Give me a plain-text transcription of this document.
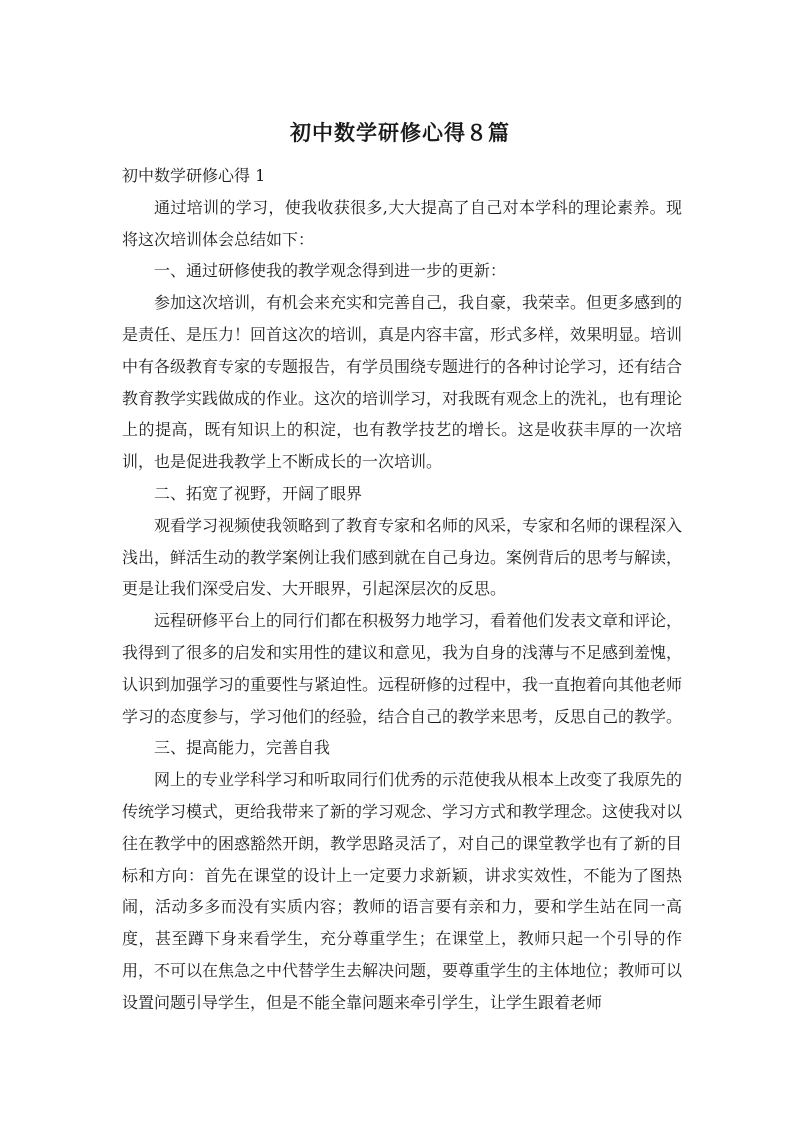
初中数学研修心得８篇

初中数学研修心得 1

通过培训的学习，使我收获很多,大大提高了自己对本学科的理论素养。现将这次培训体会总结如下：

一、通过研修使我的教学观念得到进一步的更新：

参加这次培训，有机会来充实和完善自己，我自豪，我荣幸。但更多感到的是责任、是压力！回首这次的培训，真是内容丰富，形式多样，效果明显。培训中有各级教育专家的专题报告，有学员围绕专题进行的各种讨论学习，还有结合教育教学实践做成的作业。这次的培训学习，对我既有观念上的洗礼，也有理论上的提高，既有知识上的积淀，也有教学技艺的增长。这是收获丰厚的一次培训，也是促进我教学上不断成长的一次培训。

二、拓宽了视野，开阔了眼界

观看学习视频使我领略到了教育专家和名师的风采，专家和名师的课程深入浅出，鲜活生动的教学案例让我们感到就在自己身边。案例背后的思考与解读，更是让我们深受启发、大开眼界，引起深层次的反思。

远程研修平台上的同行们都在积极努力地学习，看着他们发表文章和评论，我得到了很多的启发和实用性的建议和意见，我为自身的浅薄与不足感到羞愧，认识到加强学习的重要性与紧迫性。远程研修的过程中，我一直抱着向其他老师学习的态度参与，学习他们的经验，结合自己的教学来思考，反思自己的教学。

三、提高能力，完善自我

网上的专业学科学习和听取同行们优秀的示范使我从根本上改变了我原先的传统学习模式，更给我带来了新的学习观念、学习方式和教学理念。这使我对以往在教学中的困惑豁然开朗，教学思路灵活了，对自己的课堂教学也有了新的目标和方向：首先在课堂的设计上一定要力求新颖，讲求实效性，不能为了图热闹，活动多多而没有实质内容；教师的语言要有亲和力，要和学生站在同一高度，甚至蹲下身来看学生，充分尊重学生；在课堂上，教师只起一个引导的作用，不可以在焦急之中代替学生去解决问题，要尊重学生的主体地位；教师可以设置问题引导学生，但是不能全靠问题来牵引学生，让学生跟着老师
